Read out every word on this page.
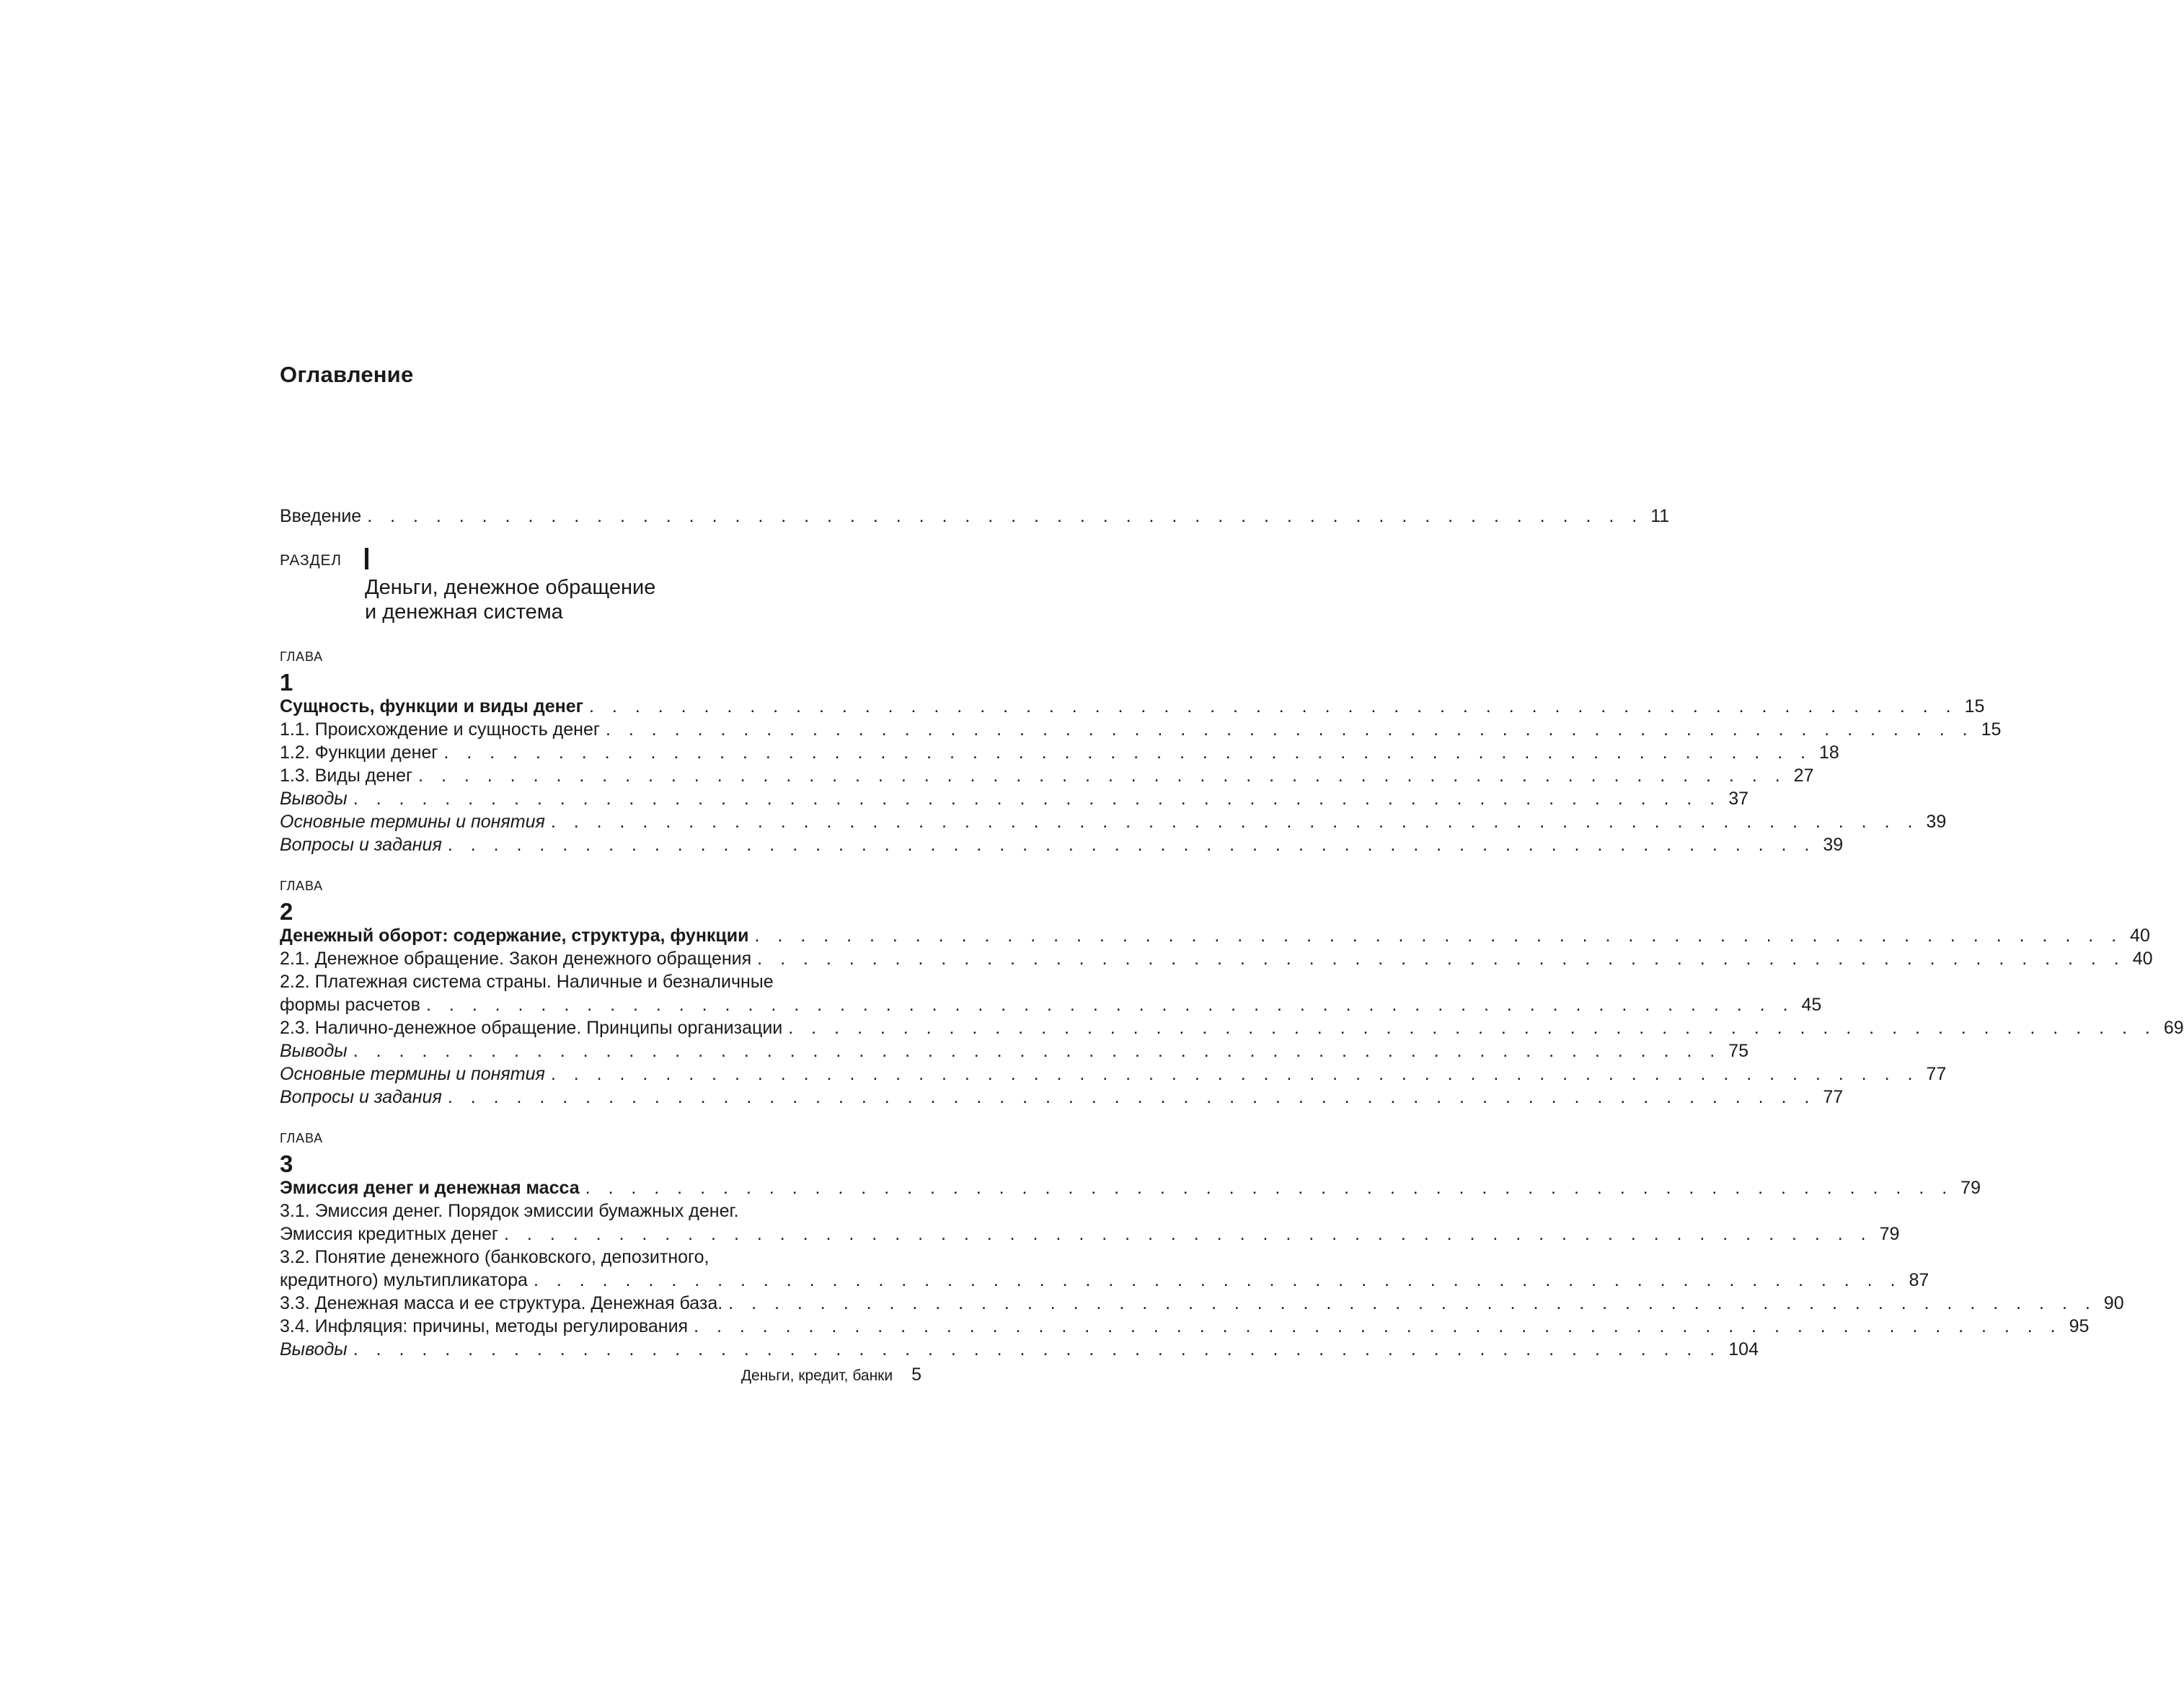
Оглавление
Введение . . . . . . . . . . . . . . . . . . . . . . . . . . . . . . . . . . . . . . . . . . . . . . . . . . . . . . . . 11
РАЗДЕЛ
Деньги, денежное обращение
и денежная система
ГЛАВА
1
Сущность, функции и виды денег . . . . . . . . . . . . . . . . . . . . . . . . . . . . . . . . . . . . . . . . . . . . . . . . . . . . . . . . . . . . 15
1.1. Происхождение и сущность денег . . . . . . . . . . . . . . . . . . . . . . . . . . . . . . . . . . . . . . . . . . . . . . . . . . . . . . . . . . . . 15
1.2. Функции денег . . . . . . . . . . . . . . . . . . . . . . . . . . . . . . . . . . . . . . . . . . . . . . . . . . . . . . . . . . . . 18
1.3. Виды денег . . . . . . . . . . . . . . . . . . . . . . . . . . . . . . . . . . . . . . . . . . . . . . . . . . . . . . . . . . . . 27
Выводы . . . . . . . . . . . . . . . . . . . . . . . . . . . . . . . . . . . . . . . . . . . . . . . . . . . . . . . . . . . . 37
Основные термины и понятия . . . . . . . . . . . . . . . . . . . . . . . . . . . . . . . . . . . . . . . . . . . . . . . . . . . . . . . . . . . . 39
Вопросы и задания . . . . . . . . . . . . . . . . . . . . . . . . . . . . . . . . . . . . . . . . . . . . . . . . . . . . . . . . . . . . 39
ГЛАВА
2
Денежный оборот: содержание, структура, функции . . . . . . . . . . . . . . . . . . . . . . . . . . . . . . . . . . . . . . . . . . . . . . . . . . . . . . . . . . . . 40
2.1. Денежное обращение. Закон денежного обращения . . . . . . . . . . . . . . . . . . . . . . . . . . . . . . . . . . . . . . . . . . . . . . . . . . . . . . . . . . . . 40
2.2. Платежная система страны. Наличные и безналичные
формы расчетов . . . . . . . . . . . . . . . . . . . . . . . . . . . . . . . . . . . . . . . . . . . . . . . . . . . . . . . . . . . . 45
2.3. Налично-денежное обращение. Принципы организации . . . . . . . . . . . . . . . . . . . . . . . . . . . . . . . . . . . . . . . . . . . . . . . . . . . . . . . . . . . . 69
Выводы . . . . . . . . . . . . . . . . . . . . . . . . . . . . . . . . . . . . . . . . . . . . . . . . . . . . . . . . . . . . 75
Основные термины и понятия . . . . . . . . . . . . . . . . . . . . . . . . . . . . . . . . . . . . . . . . . . . . . . . . . . . . . . . . . . . . 77
Вопросы и задания . . . . . . . . . . . . . . . . . . . . . . . . . . . . . . . . . . . . . . . . . . . . . . . . . . . . . . . . . . . . 77
ГЛАВА
3
Эмиссия денег и денежная масса . . . . . . . . . . . . . . . . . . . . . . . . . . . . . . . . . . . . . . . . . . . . . . . . . . . . . . . . . . . . 79
3.1. Эмиссия денег. Порядок эмиссии бумажных денег.
Эмиссия кредитных денег . . . . . . . . . . . . . . . . . . . . . . . . . . . . . . . . . . . . . . . . . . . . . . . . . . . . . . . . . . . . 79
3.2. Понятие денежного (банковского, депозитного,
кредитного) мультипликатора . . . . . . . . . . . . . . . . . . . . . . . . . . . . . . . . . . . . . . . . . . . . . . . . . . . . . . . . . . . . 87
3.3. Денежная масса и ее структура. Денежная база. . . . . . . . . . . . . . . . . . . . . . . . . . . . . . . . . . . . . . . . . . . . . . . . . . . . . . . . . . . . . 90
3.4. Инфляция: причины, методы регулирования . . . . . . . . . . . . . . . . . . . . . . . . . . . . . . . . . . . . . . . . . . . . . . . . . . . . . . . . . . . . 95
Выводы . . . . . . . . . . . . . . . . . . . . . . . . . . . . . . . . . . . . . . . . . . . . . . . . . . . . . . . . . . . . 104
Деньги, кредит, банки 5
